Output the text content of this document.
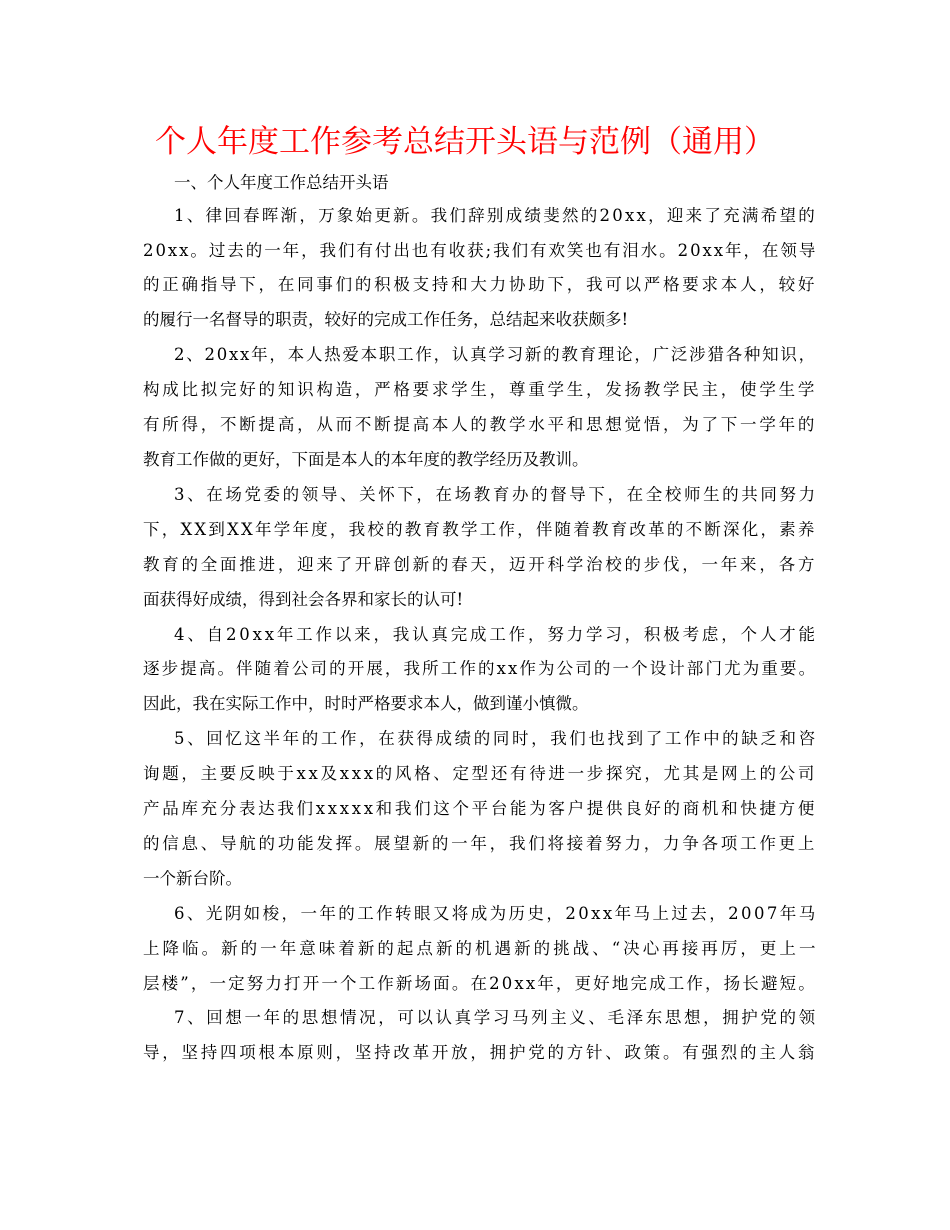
个人年度工作参考总结开头语与范例（通用）
一、个人年度工作总结开头语
1、律回春晖渐，万象始更新。我们辞别成绩斐然的20xx，迎来了充满希望的
20xx。过去的一年，我们有付出也有收获;我们有欢笑也有泪水。20xx年，在领导
的正确指导下，在同事们的积极支持和大力协助下，我可以严格要求本人，较好
的履行一名督导的职责，较好的完成工作任务，总结起来收获颇多!
2、20xx年，本人热爱本职工作，认真学习新的教育理论，广泛涉猎各种知识，
构成比拟完好的知识构造，严格要求学生，尊重学生，发扬教学民主，使学生学
有所得，不断提高，从而不断提高本人的教学水平和思想觉悟，为了下一学年的
教育工作做的更好，下面是本人的本年度的教学经历及教训。
3、在场党委的领导、关怀下，在场教育办的督导下，在全校师生的共同努力
下，XX到XX年学年度，我校的教育教学工作，伴随着教育改革的不断深化，素养
教育的全面推进，迎来了开辟创新的春天，迈开科学治校的步伐，一年来，各方
面获得好成绩，得到社会各界和家长的认可!
4、自20xx年工作以来，我认真完成工作，努力学习，积极考虑，个人才能
逐步提高。伴随着公司的开展，我所工作的xx作为公司的一个设计部门尤为重要。
因此，我在实际工作中，时时严格要求本人，做到谨小慎微。
5、回忆这半年的工作，在获得成绩的同时，我们也找到了工作中的缺乏和咨
询题，主要反映于xx及xxx的风格、定型还有待进一步探究，尤其是网上的公司
产品库充分表达我们xxxxx和我们这个平台能为客户提供良好的商机和快捷方便
的信息、导航的功能发挥。展望新的一年，我们将接着努力，力争各项工作更上
一个新台阶。
6、光阴如梭，一年的工作转眼又将成为历史，20xx年马上过去，2007年马
上降临。新的一年意味着新的起点新的机遇新的挑战、“决心再接再厉，更上一
层楼”，一定努力打开一个工作新场面。在20xx年，更好地完成工作，扬长避短。
7、回想一年的思想情况，可以认真学习马列主义、毛泽东思想，拥护党的领
导，坚持四项根本原则，坚持改革开放，拥护党的方针、政策。有强烈的主人翁
